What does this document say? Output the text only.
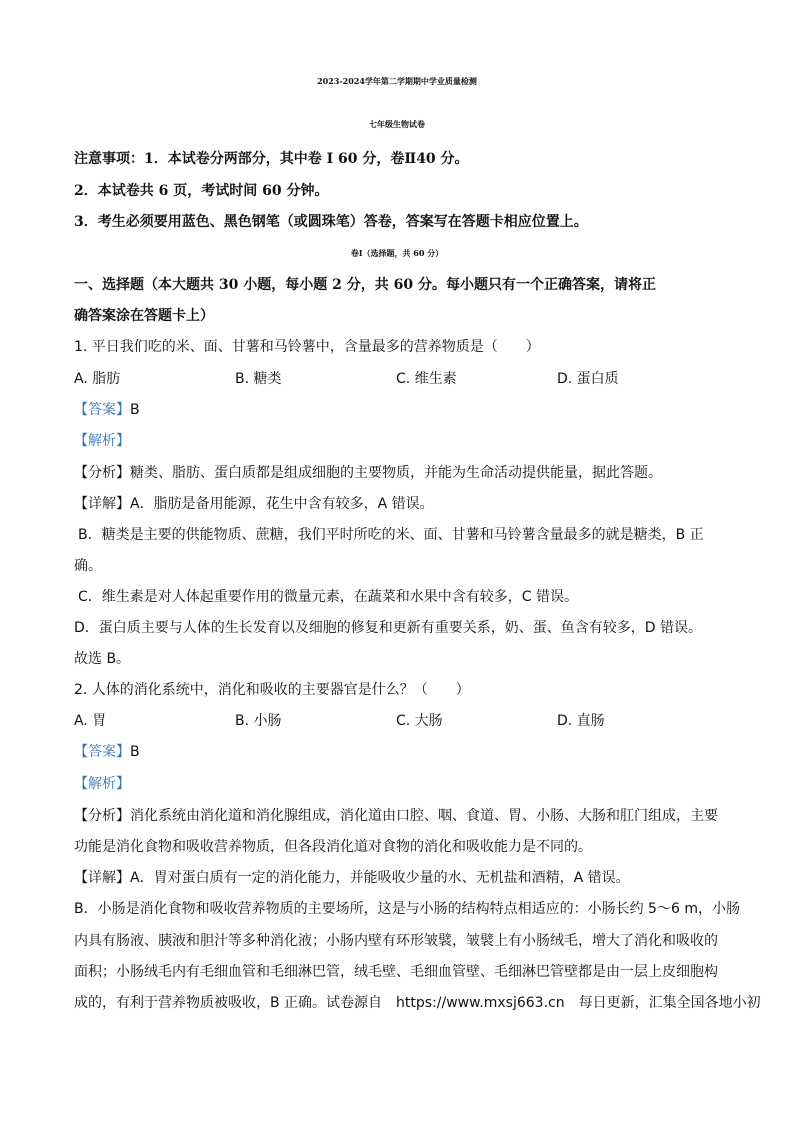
2023-2024学年第二学期期中学业质量检测
七年级生物试卷
注意事项：1．本试卷分两部分，其中卷 I 60 分，卷Ⅱ40 分。
2．本试卷共 6 页，考试时间 60 分钟。
3．考生必须要用蓝色、黑色钢笔（或圆珠笔）答卷，答案写在答题卡相应位置上。
卷Ⅰ（选择题，共 60 分）
一、选择题（本大题共 30 小题，每小题 2 分，共 60 分。每小题只有一个正确答案，请将正
确答案涂在答题卡上）
1. 平日我们吃的米、面、甘薯和马铃薯中，含量最多的营养物质是（　　）
A. 脂肪	B. 糖类	C. 维生素	D. 蛋白质
【答案】B
【解析】
【分析】糖类、脂肪、蛋白质都是组成细胞的主要物质，并能为生命活动提供能量，据此答题。
【详解】A．脂肪是备用能源，花生中含有较多，A 错误。
B．糖类是主要的供能物质、蔗糖，我们平时所吃的米、面、甘薯和马铃薯含量最多的就是糖类，B 正
确。
C．维生素是对人体起重要作用的微量元素，在蔬菜和水果中含有较多，C 错误。
D．蛋白质主要与人体的生长发育以及细胞的修复和更新有重要关系，奶、蛋、鱼含有较多，D 错误。
故选 B。
2. 人体的消化系统中，消化和吸收的主要器官是什么？（　　）
A. 胃	B. 小肠	C. 大肠	D. 直肠
【答案】B
【解析】
【分析】消化系统由消化道和消化腺组成，消化道由口腔、咽、食道、胃、小肠、大肠和肛门组成，主要
功能是消化食物和吸收营养物质，但各段消化道对食物的消化和吸收能力是不同的。
【详解】A．胃对蛋白质有一定的消化能力，并能吸收少量的水、无机盐和酒精，A 错误。
B．小肠是消化食物和吸收营养物质的主要场所，这是与小肠的结构特点相适应的：小肠长约 5～6 m，小肠
内具有肠液、胰液和胆汁等多种消化液；小肠内壁有环形皱襞，皱襞上有小肠绒毛，增大了消化和吸收的
面积；小肠绒毛内有毛细血管和毛细淋巴管，绒毛壁、毛细血管壁、毛细淋巴管壁都是由一层上皮细胞构
成的，有利于营养物质被吸收，B 正确。试卷源自　https://www.mxsj663.cn　每日更新，汇集全国各地小初
